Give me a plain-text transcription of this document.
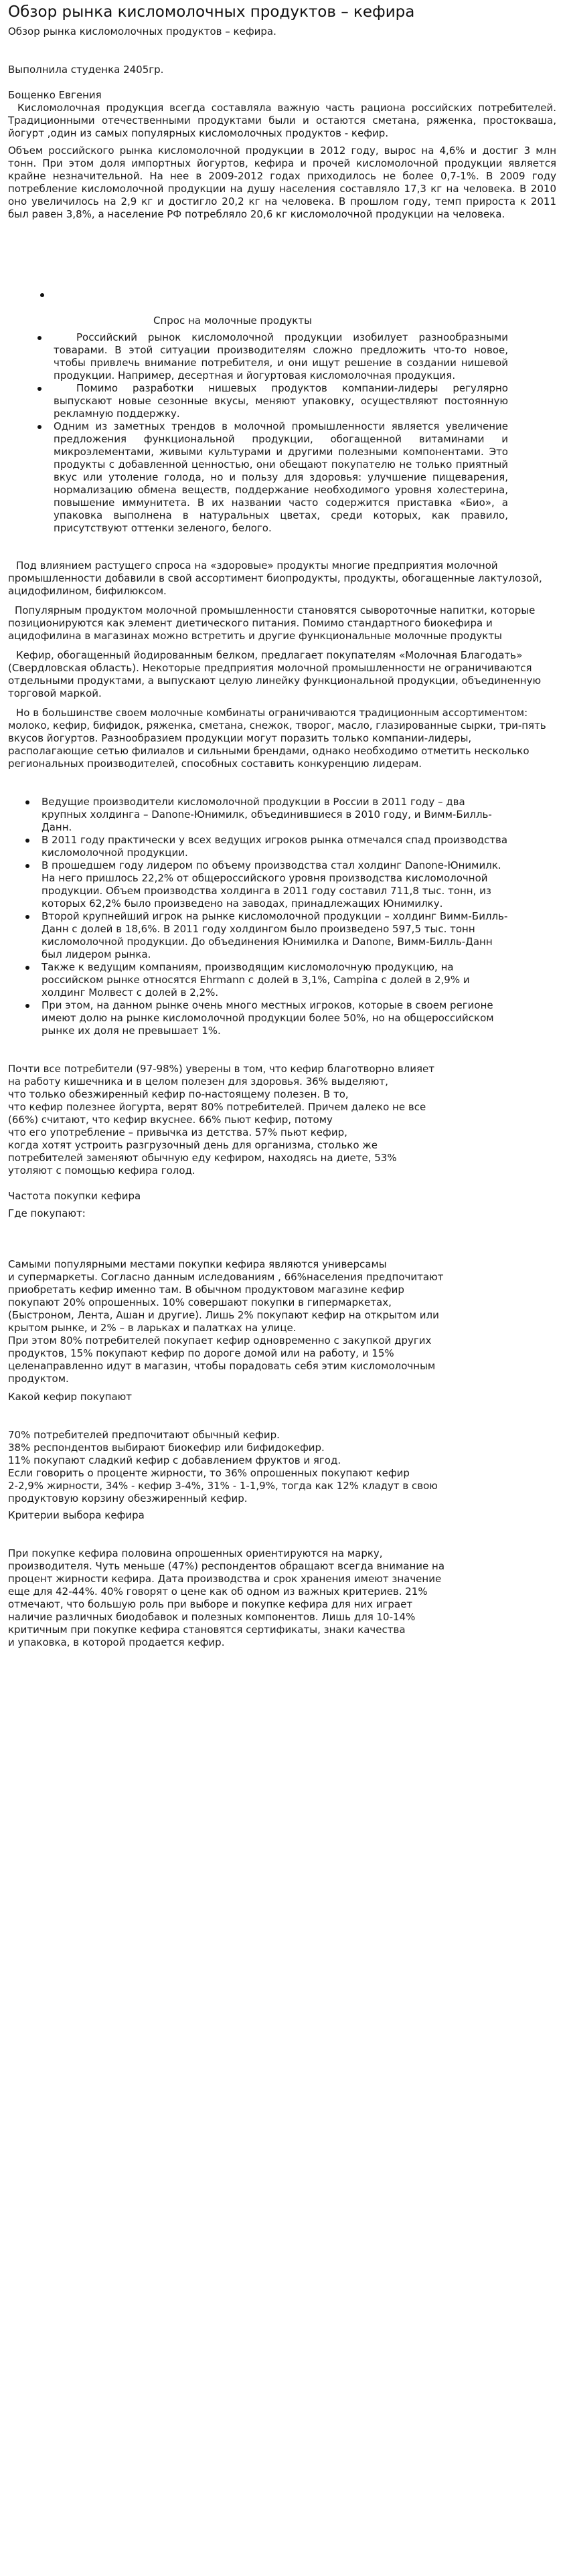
Обзор рынка кисломолочных продуктов – кефира
Обзор рынка кисломолочных продуктов – кефира.

Выполнила студенка 2405гр.

Бощенко Евгения

Кисломолочная продукция всегда составляла важную часть рациона российских потребителей. Традиционными отечественными продуктами были и остаются сметана, ряженка, простокваша, йогурт ,один из самых популярных кисломолочных продуктов - кефир.

Объем российского рынка кисломолочной продукции в 2012 году, вырос на 4,6% и достиг 3 млн тонн. При этом доля импортных йогуртов, кефира и прочей кисломолочной продукции является крайне незначительной. На нее в 2009-2012 годах приходилось не более 0,7-1%. В 2009 году потребление кисломолочной продукции на душу населения составляло 17,3 кг на человека. В 2010 оно увеличилось на 2,9 кг и достигло 20,2 кг на человека. В прошлом году, темп прироста к 2011 был равен 3,8%, а население РФ потребляло 20,6 кг кисломолочной продукции на человека.

Спрос на молочные продукты

Российский рынок кисломолочной продукции изобилует разнообразными товарами. В этой ситуации производителям сложно предложить что-то новое, чтобы привлечь внимание потребителя, и они ищут решение в создании нишевой продукции. Например, десертная и йогуртовая кисломолочная продукция.
Помимо разработки нишевых продуктов компании-лидеры регулярно выпускают новые сезонные вкусы, меняют упаковку, осуществляют постоянную рекламную поддержку.
Одним из заметных трендов в молочной промышленности является увеличение предложения функциональной продукции, обогащенной витаминами и микроэлементами, живыми культурами и другими полезными компонентами. Это продукты с добавленной ценностью, они обещают покупателю не только приятный вкус или утоление голода, но и пользу для здоровья: улучшение пищеварения, нормализацию обмена веществ, поддержание необходимого уровня холестерина, повышение иммунитета. В их названии часто содержится приставка «Био», а упаковка выполнена в натуральных цветах, среди которых, как правило, присутствуют оттенки зеленого, белого.

Под влиянием растущего спроса на «здоровые» продукты многие предприятия молочной промышленности добавили в свой ассортимент биопродукты, продукты, обогащенные лактулозой, ацидофилином, бифилюксом.

Популярным продуктом молочной промышленности становятся сывороточные напитки, которые позиционируются как элемент диетического питания. Помимо стандартного биокефира и ацидофилина в магазинах можно встретить и другие функциональные молочные продукты

Кефир, обогащенный йодированным белком, предлагает покупателям «Молочная Благодать» (Свердловская область). Некоторые предприятия молочной промышленности не ограничиваются отдельными продуктами, а выпускают целую линейку функциональной продукции, объединенную торговой маркой.

Но в большинстве своем молочные комбинаты ограничиваются традиционным ассортиментом: молоко, кефир, бифидок, ряженка, сметана, снежок, творог, масло, глазированные сырки, три-пять вкусов йогуртов. Разнообразием продукции могут поразить только компании-лидеры, располагающие сетью филиалов и сильными брендами, однако необходимо отметить несколько региональных производителей, способных составить конкуренцию лидерам.

Ведущие производители кисломолочной продукции в России в 2011 году – два крупных холдинга – Danone-Юнимилк, объединившиеся в 2010 году, и Вимм-Билль-Данн.
В 2011 году практически у всех ведущих игроков рынка отмечался спад производства кисломолочной продукции.
В прошедшем году лидером по объему производства стал холдинг Danone-Юнимилк. На него пришлось 22,2% от общероссийского уровня производства кисломолочной продукции. Объем производства холдинга в 2011 году составил 711,8 тыс. тонн, из которых 62,2% было произведено на заводах, принадлежащих Юнимилку.
Второй крупнейший игрок на рынке кисломолочной продукции – холдинг Вимм-Билль-Данн с долей в 18,6%. В 2011 году холдингом было произведено 597,5 тыс. тонн кисломолочной продукции. До объединения Юнимилка и Danone, Вимм-Билль-Данн был лидером рынка.
Также к ведущим компаниям, производящим кисломолочную продукцию, на российском рынке относятся Ehrmann с долей в 3,1%, Campina с долей в 2,9% и холдинг Молвест с долей в 2,2%.
При этом, на данном рынке очень много местных игроков, которые в своем регионе имеют долю на рынке кисломолочной продукции более 50%, но на общероссийском рынке их доля не превышает 1%.
Почти все потребители (97-98%) уверены в том, что кефир благотворно влияет
на работу кишечника и в целом полезен для здоровья. 36% выделяют,
что только обезжиренный кефир по-настоящему полезен. В то,
что кефир полезнее йогурта, верят 80% потребителей. Причем далеко не все
(66%) считают, что кефир вкуснее. 66% пьют кефир, потому
что его употребление – привычка из детства. 57% пьют кефир,
когда хотят устроить разгрузочный день для организма, столько же
потребителей заменяют обычную еду кефиром, находясь на диете, 53%
утоляют с помощью кефира голод.

Частота покупки кефира

Где покупают:

Самыми популярными местами покупки кефира являются универсамы
и супермаркеты. Согласно данным иследованиям , 66%населения предпочитают
приобретать кефир именно там. В обычном продуктовом магазине кефир
покупают 20% опрошенных. 10% совершают покупки в гипермаркетах,
(Быстроном, Лента, Ашан и другие). Лишь 2% покупают кефир на открытом или
крытом рынке, и 2% – в ларьках и палатках на улице.
При этом 80% потребителей покупает кефир одновременно с закупкой других
продуктов, 15% покупают кефир по дороге домой или на работу, и 15%
целенаправленно идут в магазин, чтобы порадовать себя этим кисломолочным
продуктом.

Какой кефир покупают

70% потребителей предпочитают обычный кефир.
38% респондентов выбирают биокефир или бифидокефир.
11% покупают сладкий кефир с добавлением фруктов и ягод.
Если говорить о проценте жирности, то 36% опрошенных покупают кефир
2-2,9% жирности, 34% - кефир 3-4%, 31% - 1-1,9%, тогда как 12% кладут в свою
продуктовую корзину обезжиренный кефир.

Критерии выбора кефира

При покупке кефира половина опрошенных ориентируются на марку,
производителя. Чуть меньше (47%) респондентов обращают всегда внимание на
процент жирности кефира. Дата производства и срок хранения имеют значение
еще для 42-44%. 40% говорят о цене как об одном из важных критериев. 21%
отмечают, что большую роль при выборе и покупке кефира для них играет
наличие различных биодобавок и полезных компонентов. Лишь для 10-14%
критичным при покупке кефира становятся сертификаты, знаки качества
и упаковка, в которой продается кефир.
